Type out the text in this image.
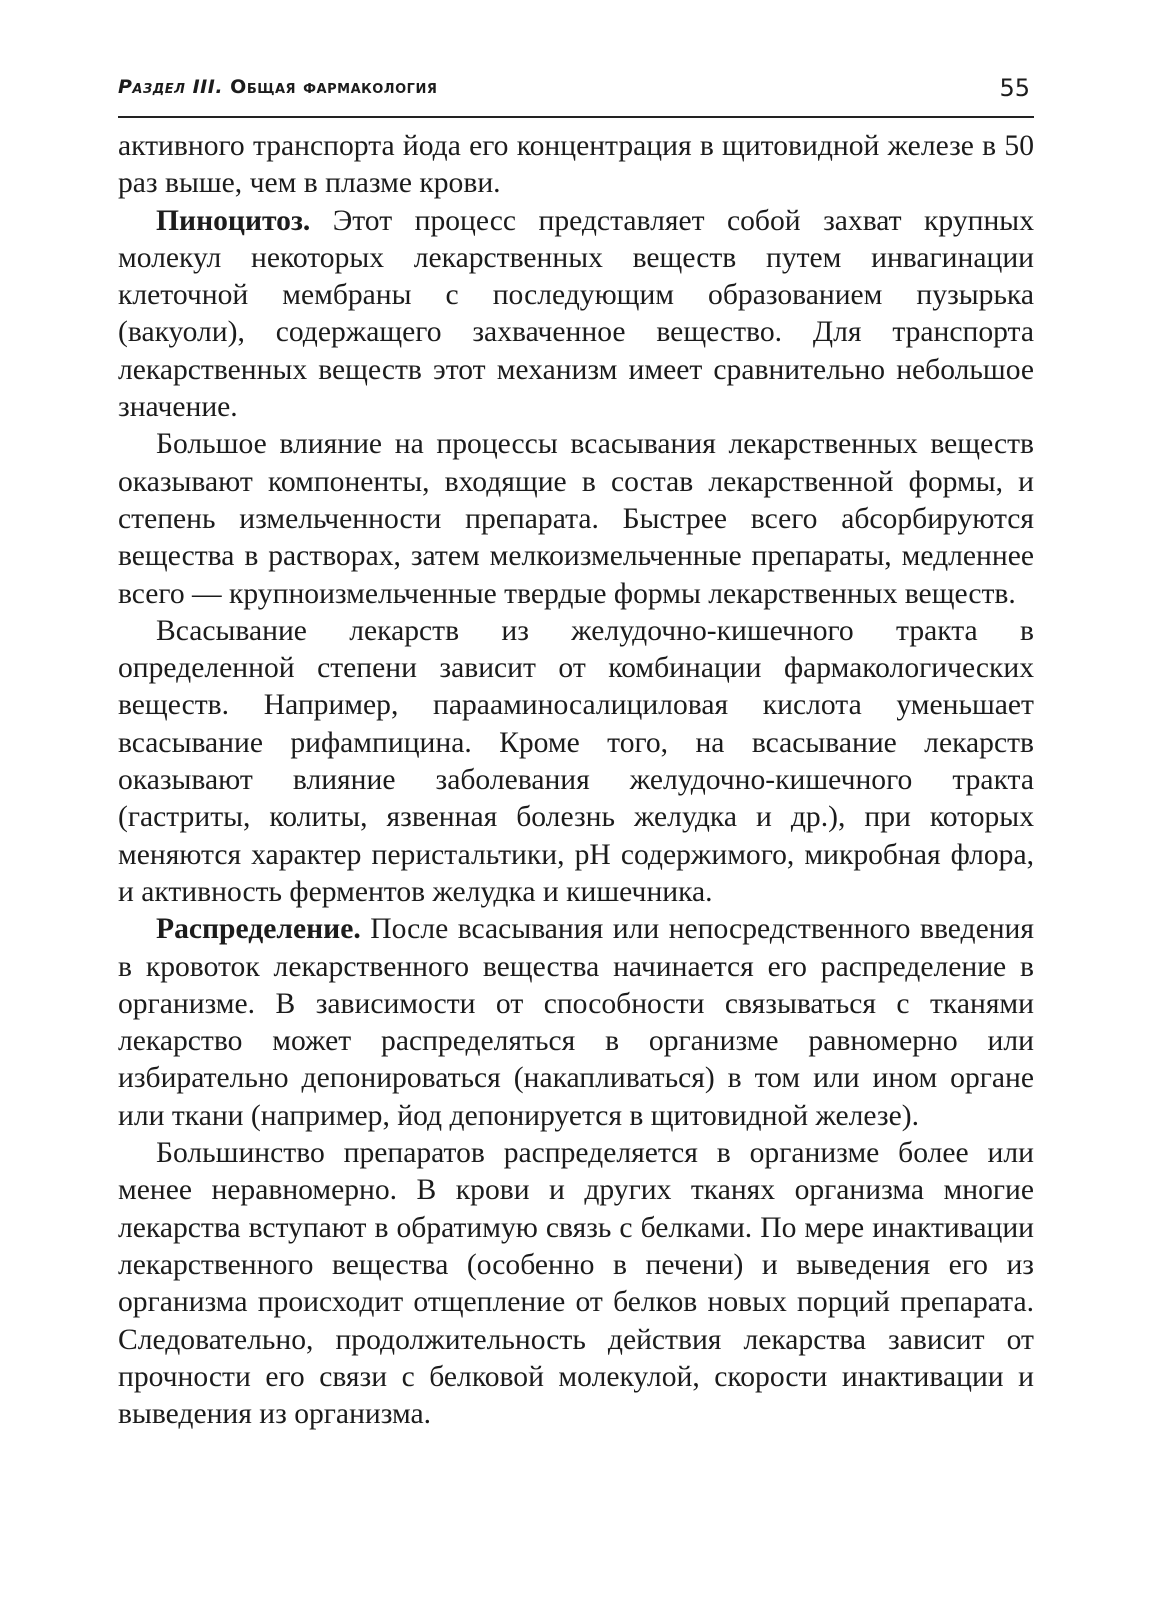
Раздел III. Общая фармакология	55

активного транспорта йода его концентрация в щитовидной железе в 50 раз выше, чем в плазме крови.

Пиноцитоз. Этот процесс представляет собой захват крупных молекул некоторых лекарственных веществ путем инвагинации клеточной мембраны с последующим образованием пузырька (вакуоли), содержащего захваченное вещество. Для транспорта лекарственных веществ этот механизм имеет сравнительно небольшое значение.

Большое влияние на процессы всасывания лекарственных веществ оказывают компоненты, входящие в состав лекарственной формы, и степень измельченности препарата. Быстрее всего абсорбируются вещества в растворах, затем мелкоизмельченные препараты, медленнее всего — крупноизмельченные твердые формы лекарственных веществ.

Всасывание лекарств из желудочно-кишечного тракта в определенной степени зависит от комбинации фармакологических веществ. Например, парааминосалициловая кислота уменьшает всасывание рифампицина. Кроме того, на всасывание лекарств оказывают влияние заболевания желудочно-кишечного тракта (гастриты, колиты, язвенная болезнь желудка и др.), при которых меняются характер перистальтики, pH содержимого, микробная флора, и активность ферментов желудка и кишечника.

Распределение. После всасывания или непосредственного введения в кровоток лекарственного вещества начинается его распределение в организме. В зависимости от способности связываться с тканями лекарство может распределяться в организме равномерно или избирательно депонироваться (накапливаться) в том или ином органе или ткани (например, йод депонируется в щитовидной железе).

Большинство препаратов распределяется в организме более или менее неравномерно. В крови и других тканях организма многие лекарства вступают в обратимую связь с белками. По мере инактивации лекарственного вещества (особенно в печени) и выведения его из организма происходит отщепление от белков новых порций препарата. Следовательно, продолжительность действия лекарства зависит от прочности его связи с белковой молекулой, скорости инактивации и выведения из организма.
